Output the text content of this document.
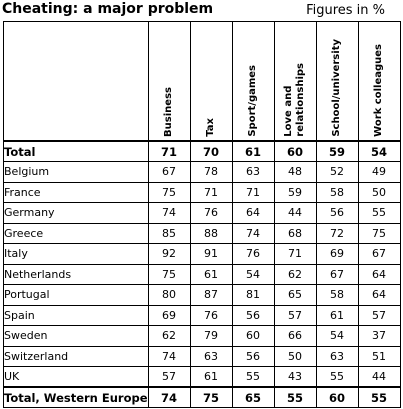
Cheating: a major problem	Figures in %

	Business	Tax	Sport/games	Love and
relationships	School/university	Work colleagues

Total	71	70	61	60	59	54
Belgium	67	78	63	48	52	49
France	75	71	71	59	58	50
Germany	74	76	64	44	56	55
Greece	85	88	74	68	72	75
Italy	92	91	76	71	69	67
Netherlands	75	61	54	62	67	64
Portugal	80	87	81	65	58	64
Spain	69	76	56	57	61	57
Sweden	62	79	60	66	54	37
Switzerland	74	63	56	50	63	51
UK	57	61	55	43	55	44
Total, Western Europe	74	75	65	55	60	55
